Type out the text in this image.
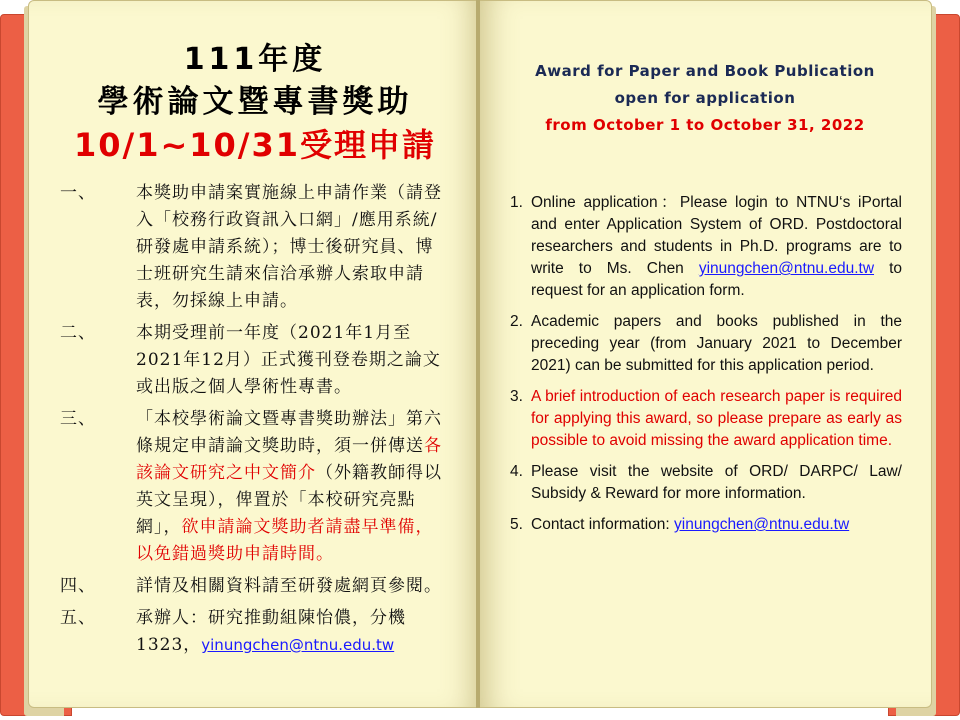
111年度
學術論文暨專書獎助
10/1~10/31受理申請
一、	本獎助申請案實施線上申請作業（請登入「校務行政資訊入口網」/應用系統/研發處申請系統）；博士後研究員、博士班研究生請來信洽承辦人索取申請表，勿採線上申請。
二、	本期受理前一年度（2021年1月至2021年12月）正式獲刊登卷期之論文或出版之個人學術性專書。
三、	「本校學術論文暨專書獎助辦法」第六條規定申請論文獎助時，須一併傳送各該論文研究之中文簡介（外籍教師得以英文呈現），俾置於「本校研究亮點網」，欲申請論文獎助者請盡早準備，以免錯過獎助申請時間。
四、	詳情及相關資料請至研發處網頁參閱。
五、	承辦人：研究推動組陳怡儂，分機1323，yinungchen@ntnu.edu.tw
Award for Paper and Book Publication
open for application
from October 1 to October 31, 2022
1. Online application：Please login to NTNU‘s iPortal and enter Application System of ORD. Postdoctoral researchers and students in Ph.D. programs are to write to Ms. Chen yinungchen@ntnu.edu.tw to request for an application form.
2. Academic papers and books published in the preceding year (from January 2021 to December 2021) can be submitted for this application period.
3. A brief introduction of each research paper is required for applying this award, so please prepare as early as possible to avoid missing the award application time.
4. Please visit the website of ORD/ DARPC/ Law/ Subsidy & Reward for more information.
5. Contact information: yinungchen@ntnu.edu.tw
